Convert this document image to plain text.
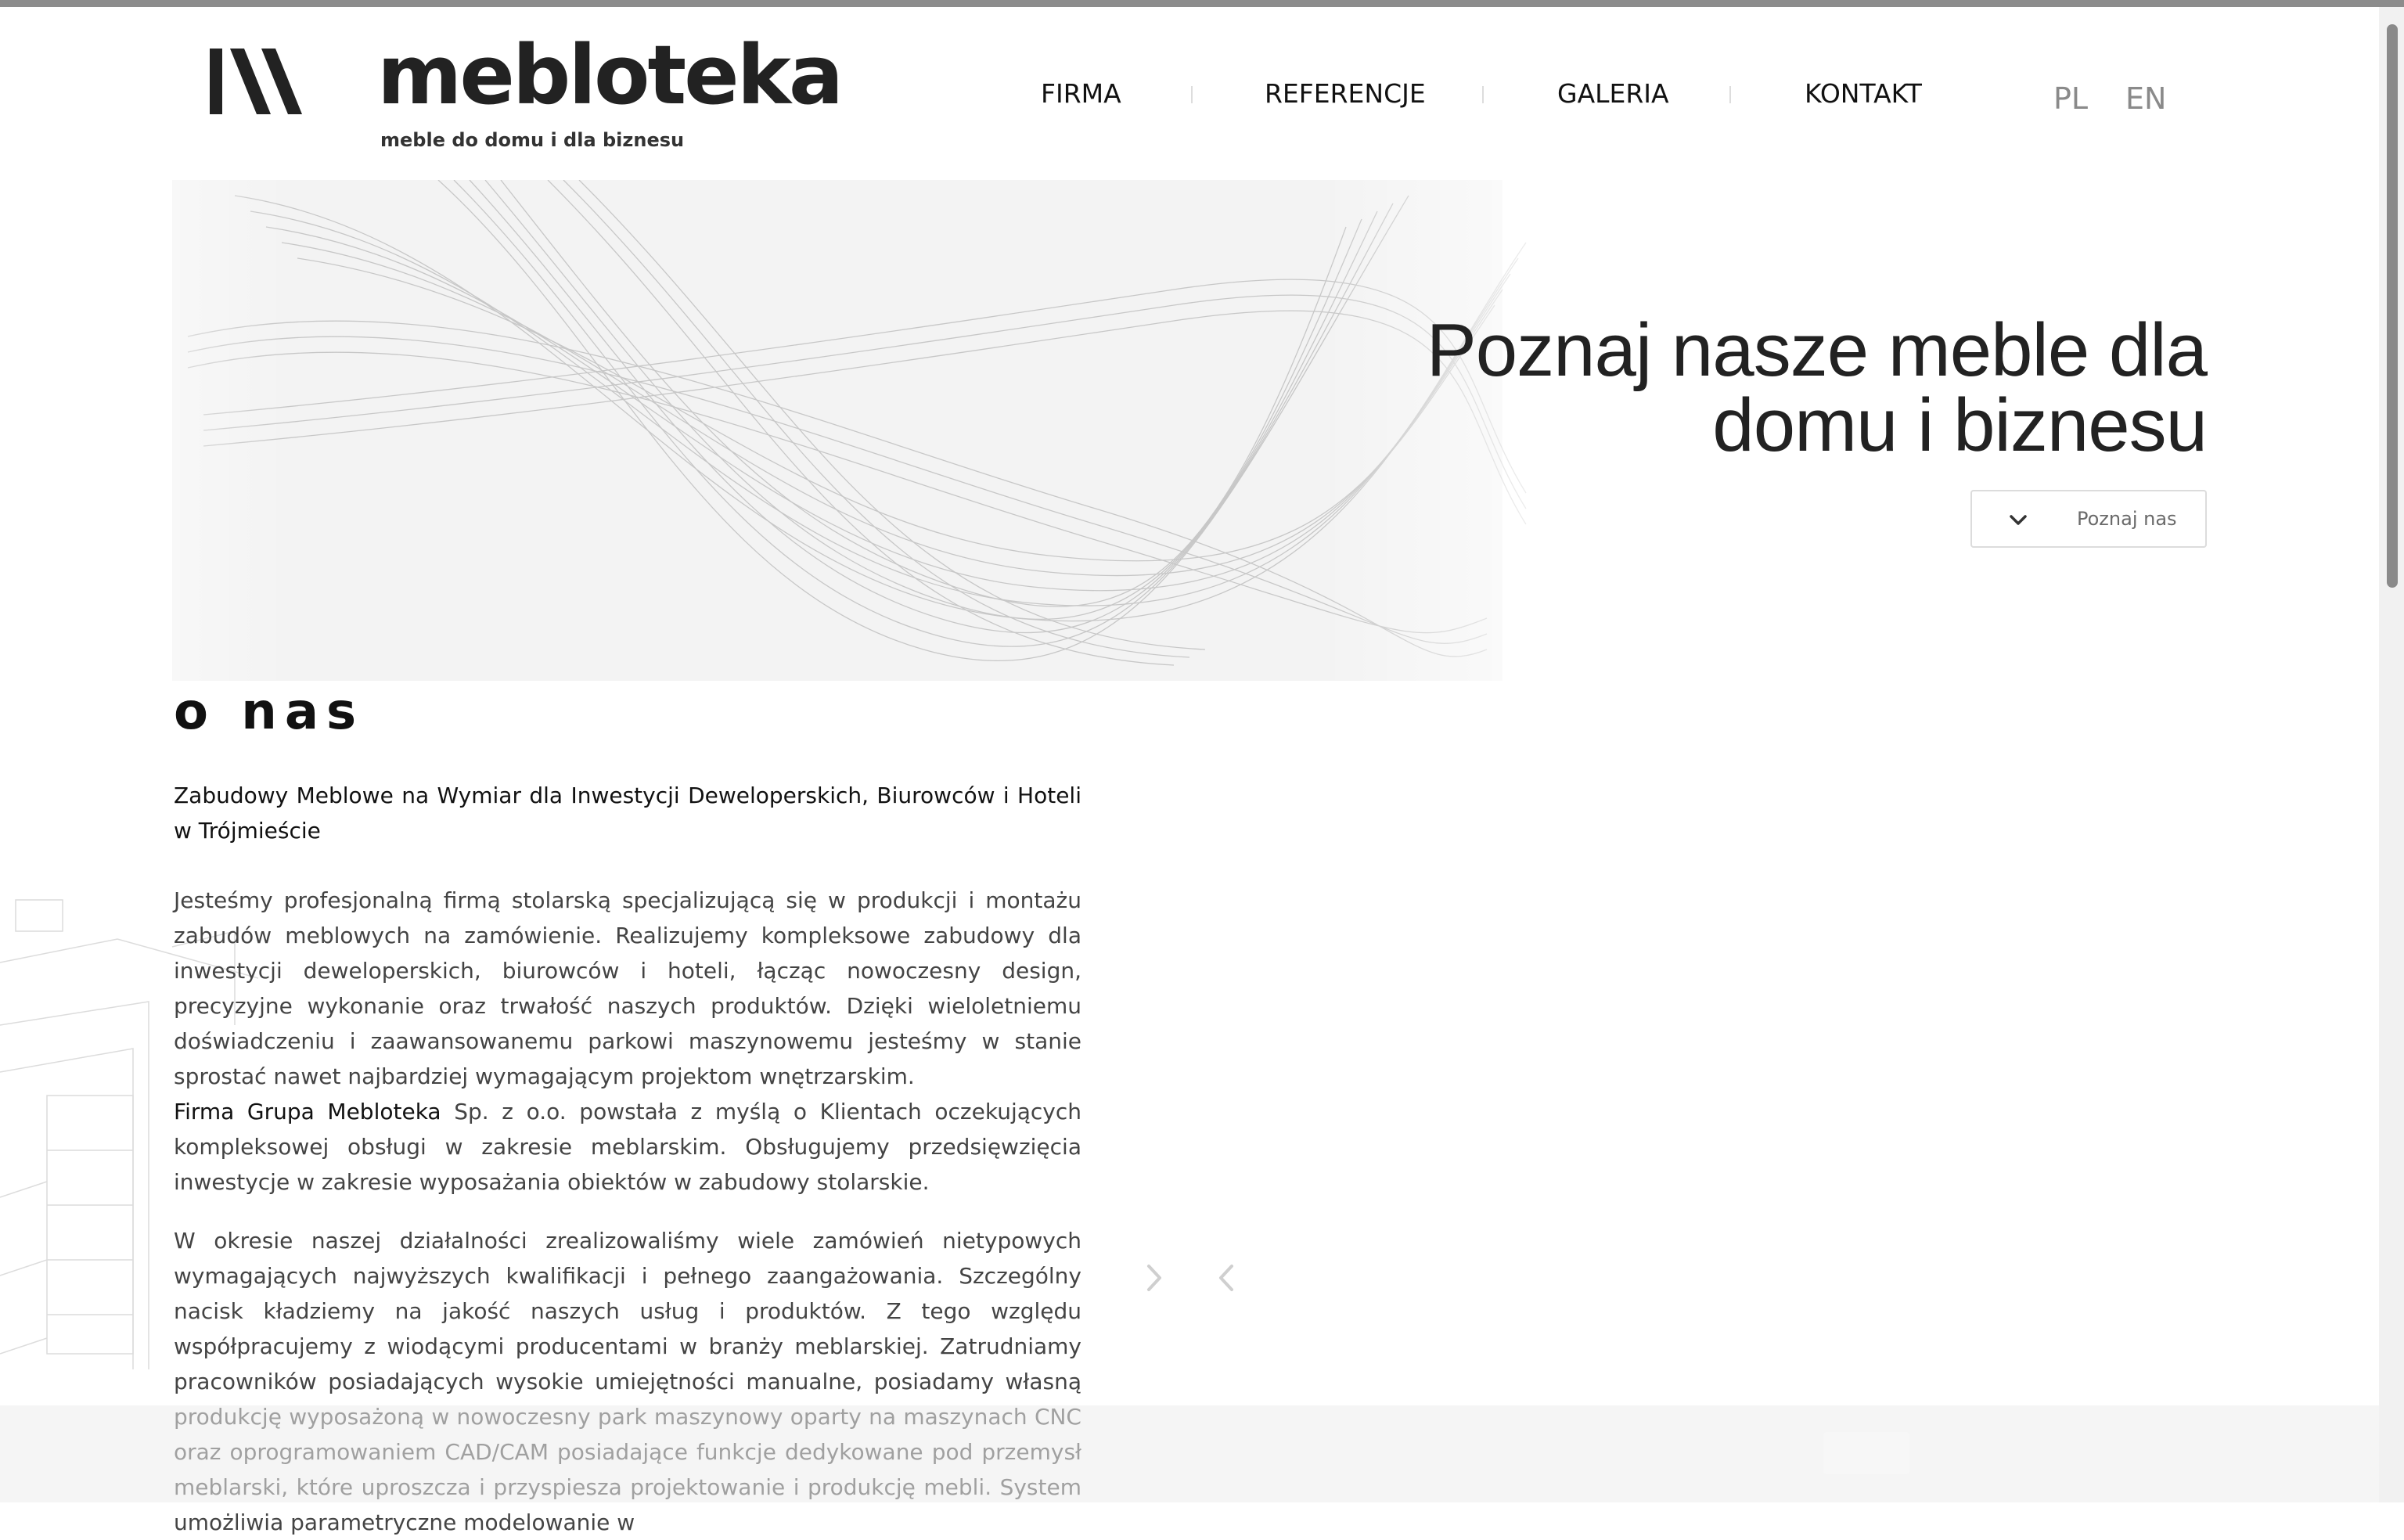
mebloteka
meble do domu i dla biznesu
FIRMA	REFERENCJE	GALERIA	KONTAKT	PL EN
Poznaj nasze meble dla
domu i biznesu
Poznaj nas
o nas

Zabudowy Meblowe na Wymiar dla Inwestycji Deweloperskich, Biurowców i Hoteli w Trójmieście

Jesteśmy profesjonalną firmą stolarską specjalizującą się w produkcji i montażu zabudów meblowych na zamówienie. Realizujemy kompleksowe zabudowy dla inwestycji deweloperskich, biurowców i hoteli, łącząc nowoczesny design, precyzyjne wykonanie oraz trwałość naszych produktów. Dzięki wieloletniemu doświadczeniu i zaawansowanemu parkowi maszynowemu jesteśmy w stanie sprostać nawet najbardziej wymagającym projektom wnętrzarskim.

Firma Grupa Mebloteka Sp. z o.o. powstała z myślą o Klientach oczekujących kompleksowej obsługi w zakresie meblarskim. Obsługujemy przedsięwzięcia inwestycje w zakresie wyposażania obiektów w zabudowy stolarskie.

W okresie naszej działalności zrealizowaliśmy wiele zamówień nietypowych wymagających najwyższych kwalifikacji i pełnego zaangażowania. Szczególny nacisk kładziemy na jakość naszych usług i produktów. Z tego względu współpracujemy z wiodącymi producentami w branży meblarskiej. Zatrudniamy pracowników posiadających wysokie umiejętności manualne, posiadamy własną umożliwia parametryczne modelowanie w
